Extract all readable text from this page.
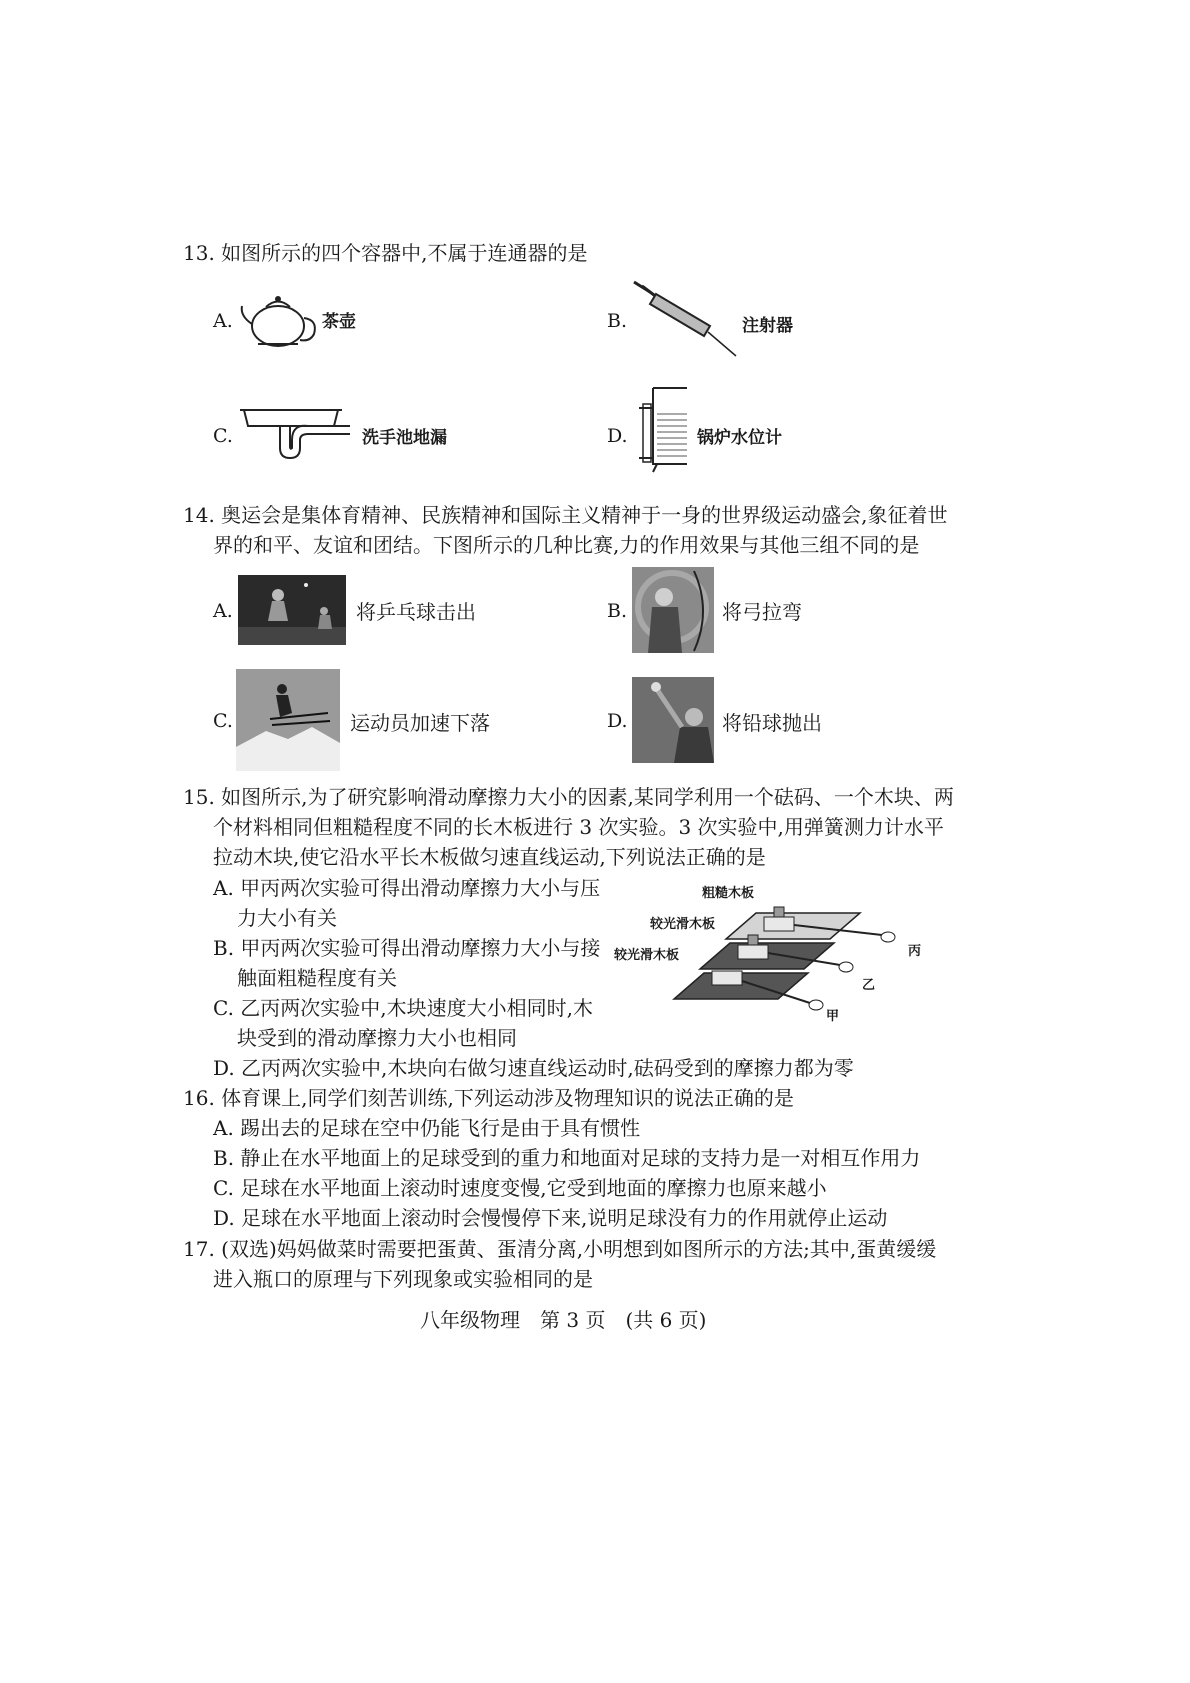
13. 如图所示的四个容器中,不属于连通器的是
A.	茶壶	B.	注射器
C.	洗手池地漏	D.	锅炉水位计
14. 奥运会是集体育精神、民族精神和国际主义精神于一身的世界级运动盛会,象征着世
界的和平、友谊和团结。下图所示的几种比赛,力的作用效果与其他三组不同的是
A.	将乒乓球击出	B.	将弓拉弯
C.	运动员加速下落	D.	将铅球抛出
15. 如图所示,为了研究影响滑动摩擦力大小的因素,某同学利用一个砝码、一个木块、两
个材料相同但粗糙程度不同的长木板进行 3 次实验。3 次实验中,用弹簧测力计水平
拉动木块,使它沿水平长木板做匀速直线运动,下列说法正确的是
A. 甲丙两次实验可得出滑动摩擦力大小与压
力大小有关
B. 甲丙两次实验可得出滑动摩擦力大小与接
触面粗糙程度有关
C. 乙丙两次实验中,木块速度大小相同时,木
块受到的滑动摩擦力大小也相同
D. 乙丙两次实验中,木块向右做匀速直线运动时,砝码受到的摩擦力都为零
粗糙木板
较光滑木板
较光滑木板	丙
乙
甲
16. 体育课上,同学们刻苦训练,下列运动涉及物理知识的说法正确的是
A. 踢出去的足球在空中仍能飞行是由于具有惯性
B. 静止在水平地面上的足球受到的重力和地面对足球的支持力是一对相互作用力
C. 足球在水平地面上滚动时速度变慢,它受到地面的摩擦力也原来越小
D. 足球在水平地面上滚动时会慢慢停下来,说明足球没有力的作用就停止运动
17. (双选)妈妈做菜时需要把蛋黄、蛋清分离,小明想到如图所示的方法;其中,蛋黄缓缓
进入瓶口的原理与下列现象或实验相同的是
八年级物理　第 3 页　(共 6 页)
